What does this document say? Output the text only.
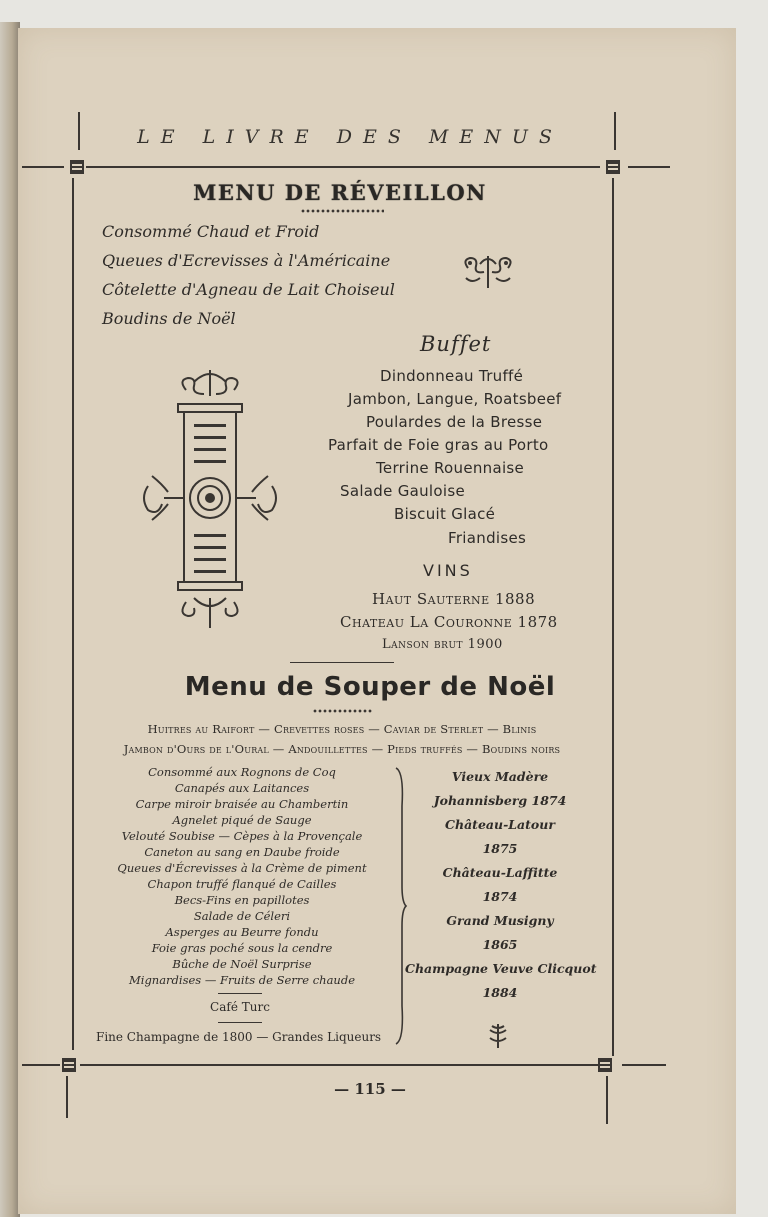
LE LIVRE DES MENUS
MENU DE RÉVEILLON
Consommé Chaud et Froid
Queues d'Ecrevisses à l'Américaine
Côtelette d'Agneau de Lait Choiseul
Boudins de Noël
Buffet
Dindonneau Truffé
Jambon, Langue, Roatsbeef
Poulardes de la Bresse
Parfait de Foie gras au Porto
Terrine Rouennaise
Salade Gauloise
Biscuit Glacé
Friandises
VINS
Haut Sauterne 1888
Chateau La Couronne 1878
Lanson brut 1900
Menu de Souper de Noël
Huitres au Raifort — Crevettes roses — Caviar de Sterlet — Blinis
Jambon d'Ours de l'Oural — Andouillettes — Pieds truffés — Boudins noirs
Consommé aux Rognons de Coq
Canapés aux Laitances
Carpe miroir braisée au Chambertin
Agnelet piqué de Sauge
Velouté Soubise — Cèpes à la Provençale
Caneton au sang en Daube froide
Queues d'Écrevisses à la Crème de piment
Chapon truffé flanqué de Cailles
Becs-Fins en papillotes
Salade de Céleri
Asperges au Beurre fondu
Foie gras poché sous la cendre
Bûche de Noël Surprise
Mignardises — Fruits de Serre chaude
Café Turc
Fine Champagne de 1800 — Grandes Liqueurs
Vieux Madère
Johannisberg 1874
Château-Latour
1875
Château-Laffitte
1874
Grand Musigny
1865
Champagne Veuve Clicquot
1884
— 115 —
